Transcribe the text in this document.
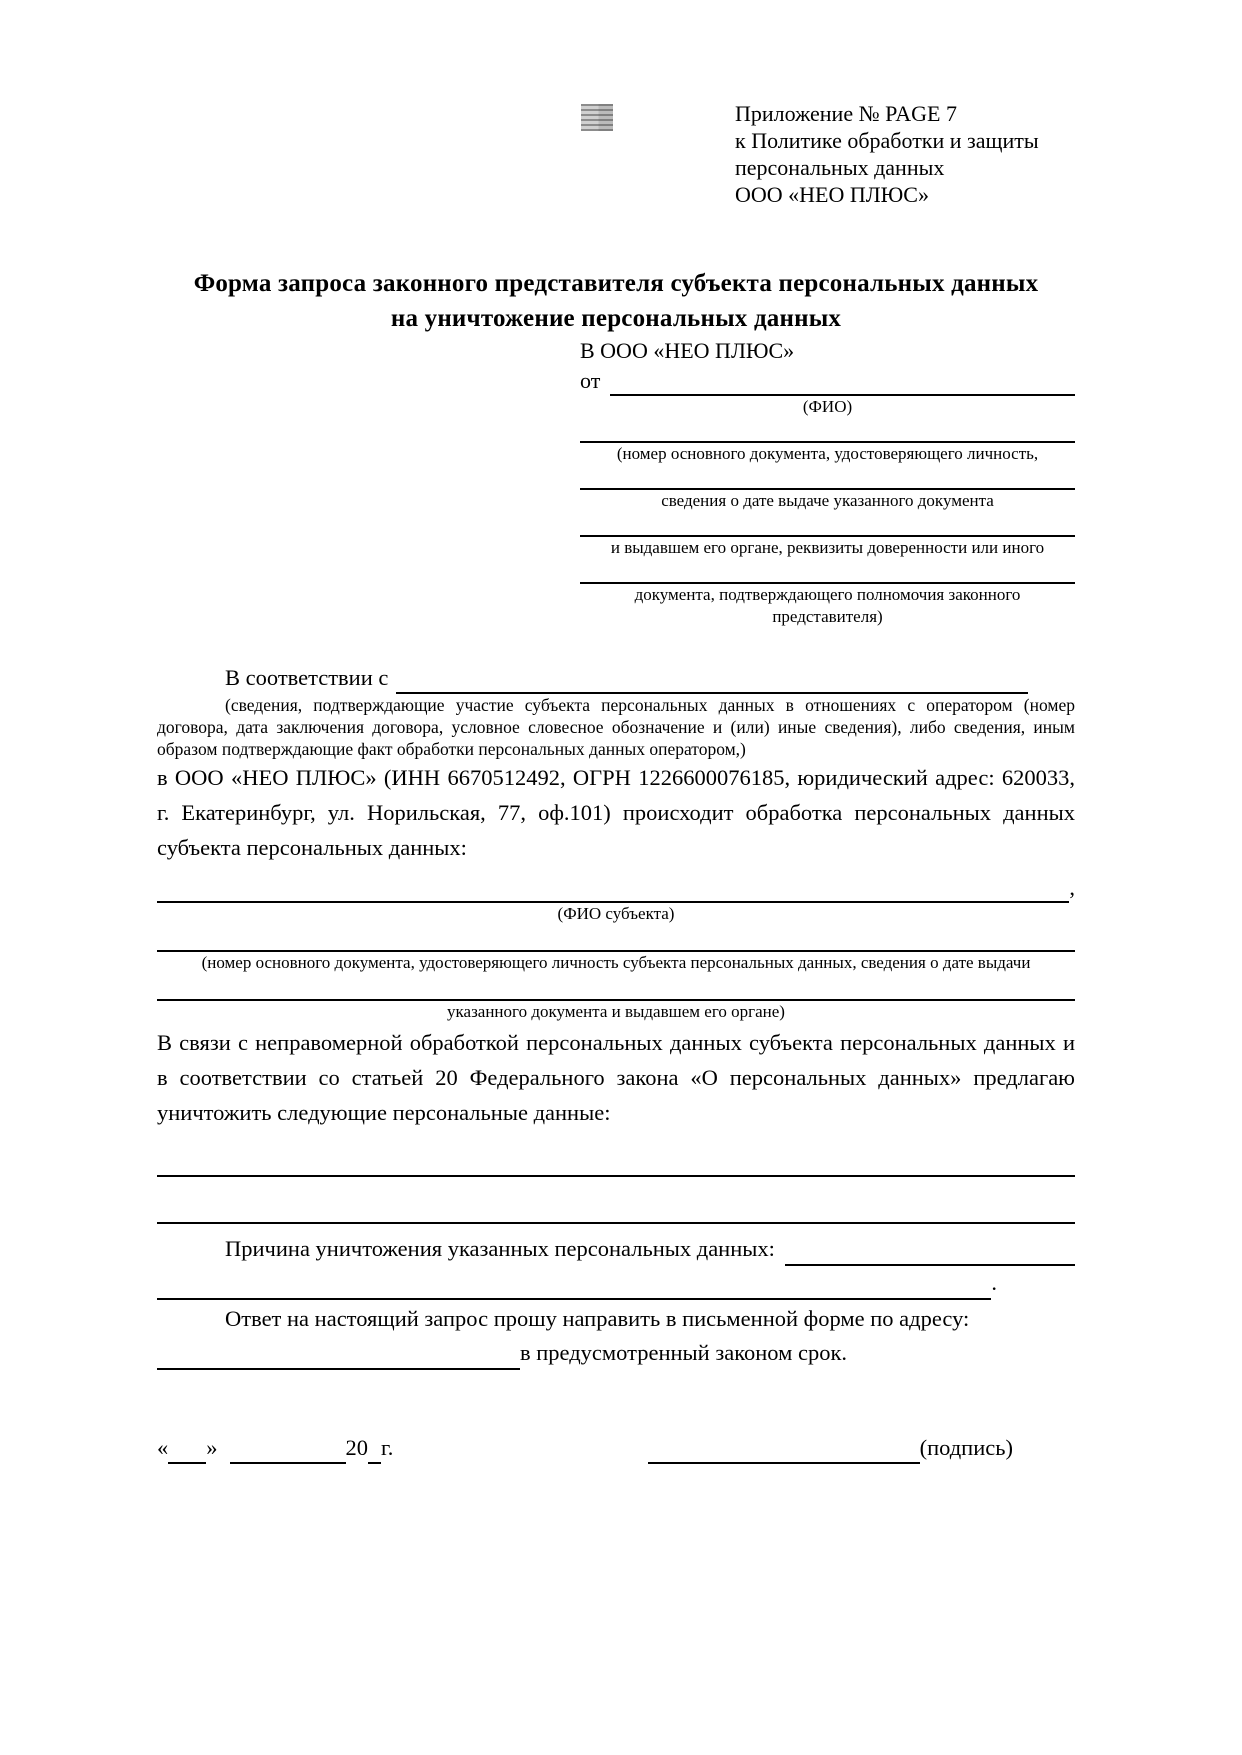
Приложение № PAGE 7
к Политике обработки и защиты
персональных данных
ООО «НЕО ПЛЮС»
Форма запроса законного представителя субъекта персональных данных
на уничтожение персональных данных
В ООО «НЕО ПЛЮС»
от
(ФИО)
(номер основного документа, удостоверяющего личность,
сведения о дате выдаче указанного документа
и выдавшем его органе, реквизиты доверенности или иного
документа, подтверждающего полномочия законного представителя)
В соответствии с
(сведения, подтверждающие участие субъекта персональных данных в отношениях с оператором (номер договора, дата заключения договора, условное словесное обозначение и (или) иные сведения), либо сведения, иным образом подтверждающие факт обработки персональных данных оператором,)
в ООО «НЕО ПЛЮС» (ИНН 6670512492, ОГРН 1226600076185, юридический адрес: 620033, г. Екатеринбург, ул. Норильская, 77, оф.101) происходит обработка персональных данных субъекта персональных данных:
,
(ФИО субъекта)
(номер основного документа, удостоверяющего личность субъекта персональных данных, сведения о дате выдачи
указанного документа и выдавшем его органе)
В связи с неправомерной обработкой персональных данных субъекта персональных данных и в соответствии со статьей 20 Федерального закона «О персональных данных» предлагаю уничтожить следующие персональные данные:
Причина уничтожения указанных персональных данных:
.
Ответ на настоящий запрос прошу направить в письменной форме по адресу:
в предусмотренный законом срок.
« »	20 г.	(подпись)
